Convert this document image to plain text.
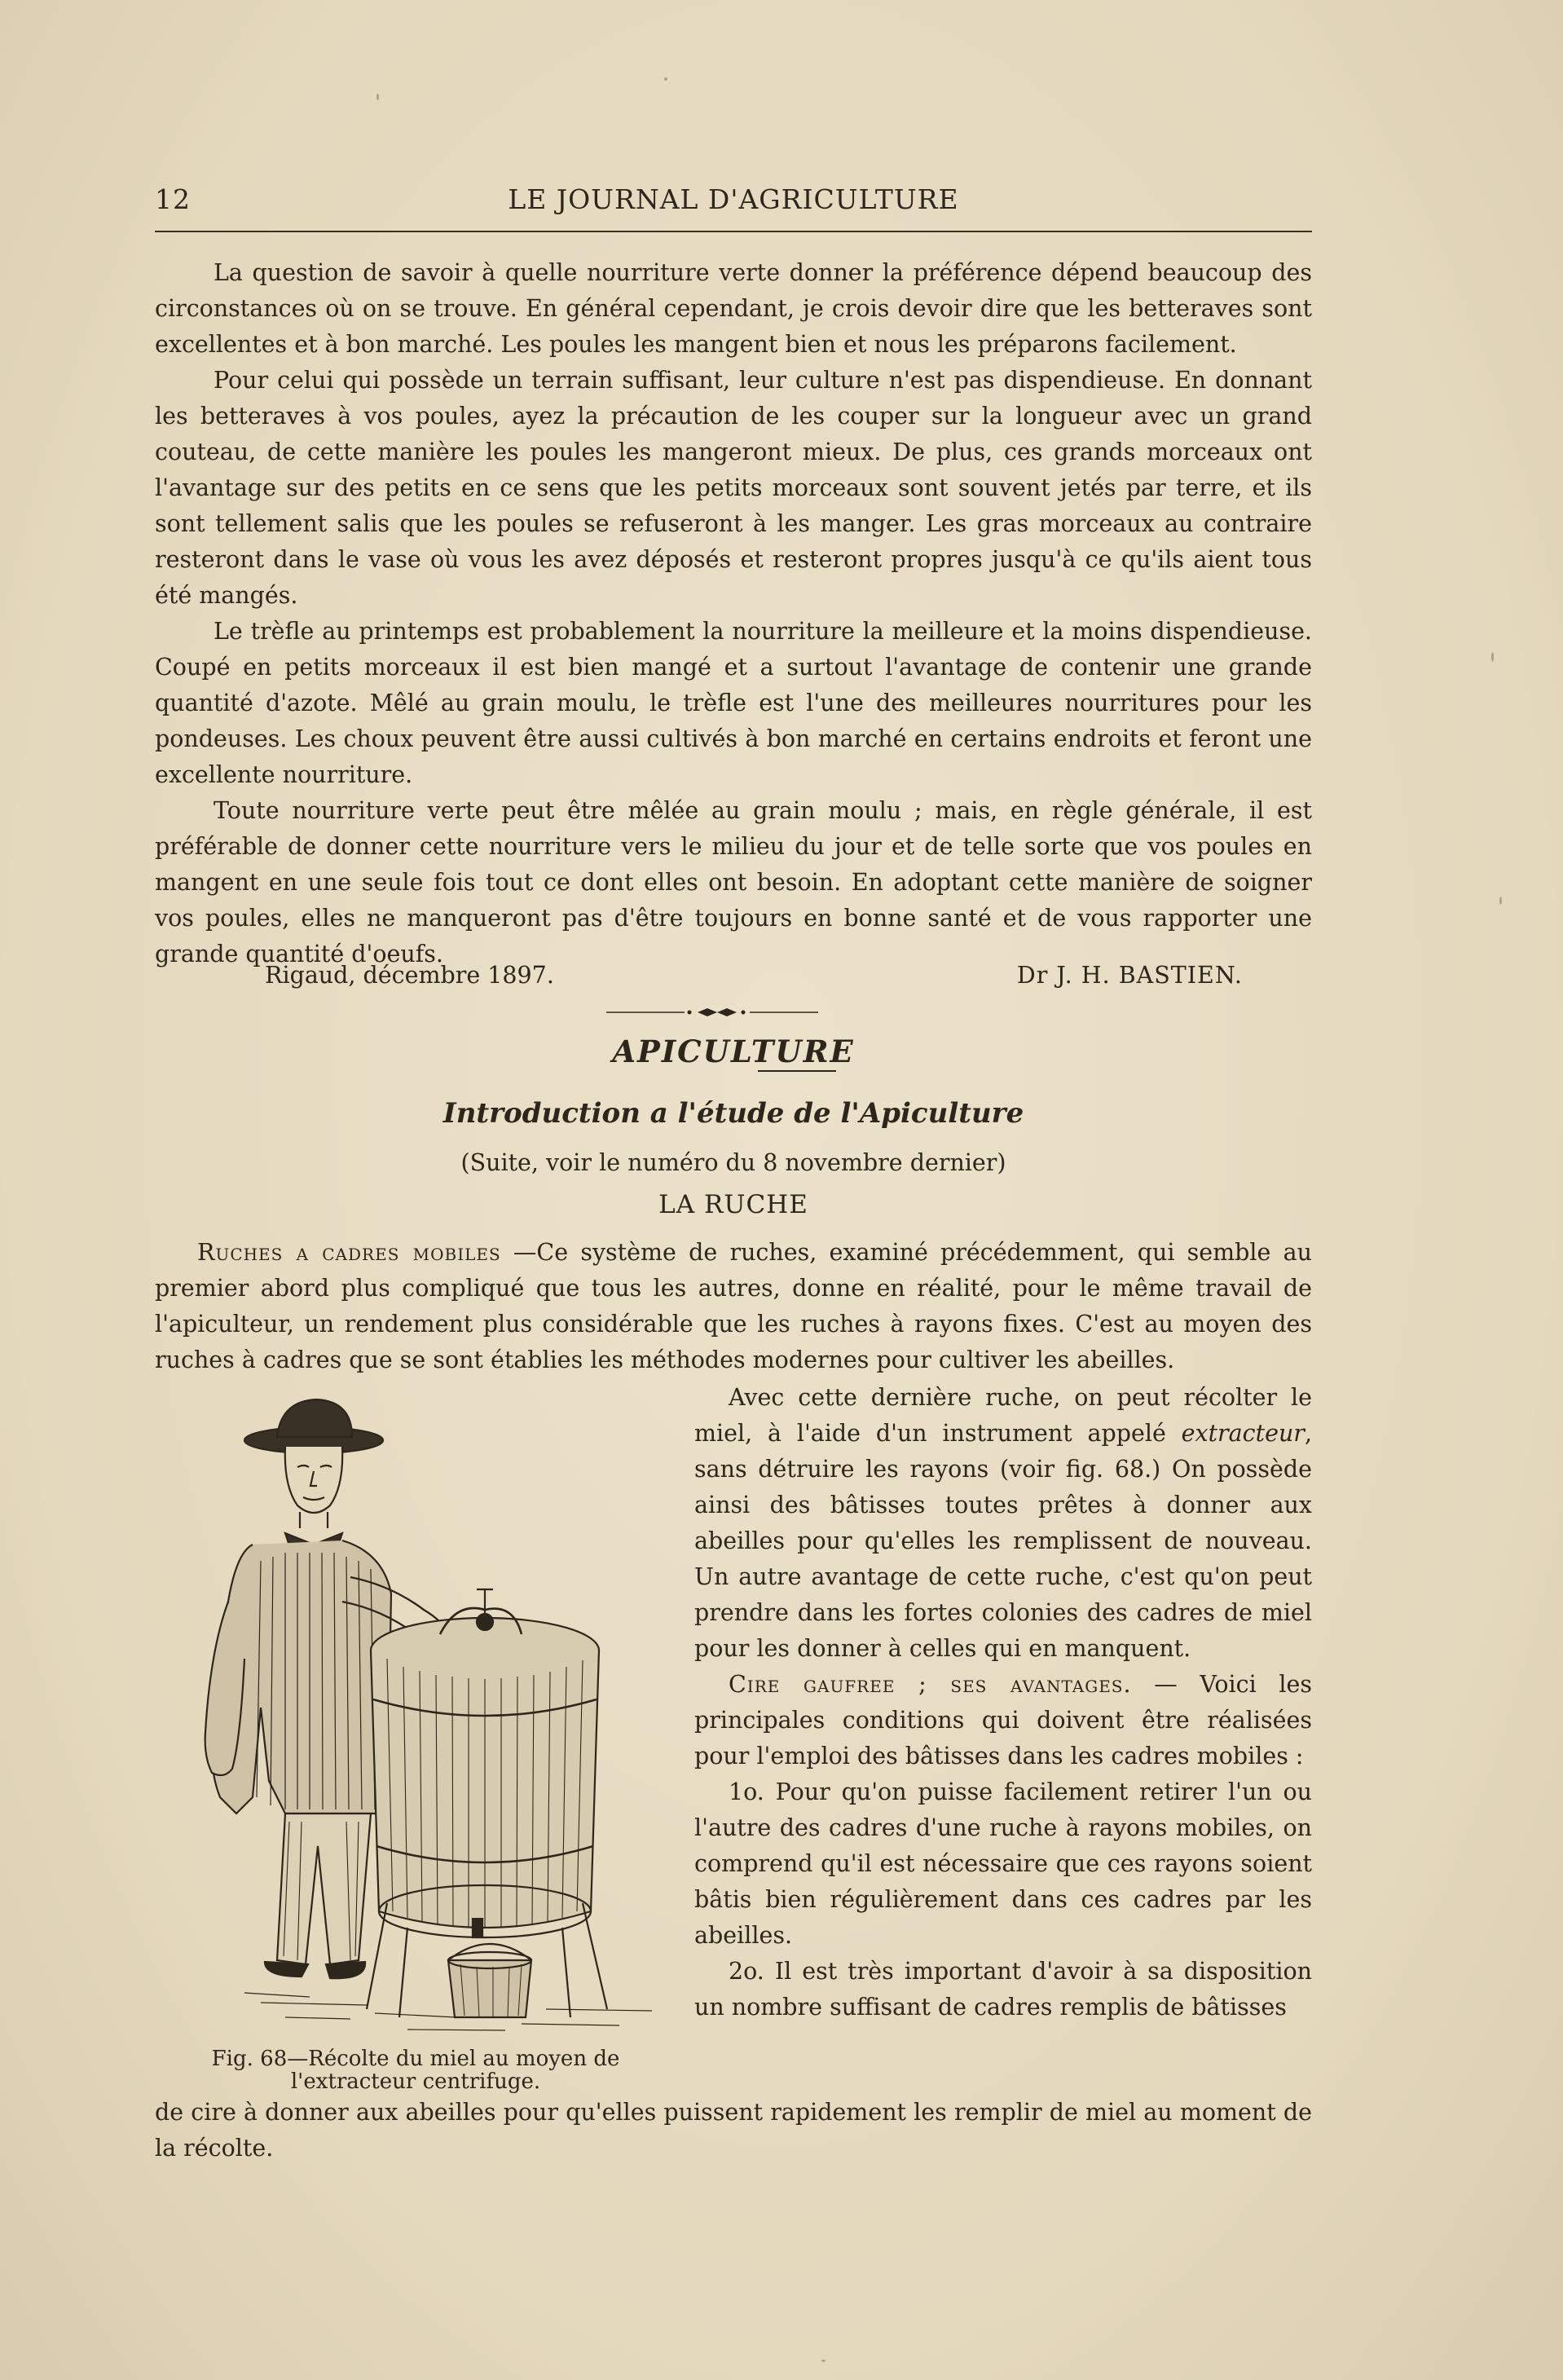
12	LE JOURNAL D'AGRICULTURE

La question de savoir à quelle nourriture verte donner la préférence dépend beaucoup des circonstances où on se trouve. En général cependant, je crois devoir dire que les betteraves sont excellentes et à bon marché. Les poules les mangent bien et nous les préparons facilement.

Pour celui qui possède un terrain suffisant, leur culture n'est pas dispendieuse. En donnant les betteraves à vos poules, ayez la précaution de les couper sur la longueur avec un grand couteau, de cette manière les poules les mangeront mieux. De plus, ces grands morceaux ont l'avantage sur des petits en ce sens que les petits morceaux sont souvent jetés par terre, et ils sont tellement salis que les poules se refuseront à les manger. Les gras morceaux au contraire resteront dans le vase où vous les avez déposés et resteront propres jusqu'à ce qu'ils aient tous été mangés.

Le trèfle au printemps est probablement la nourriture la meilleure et la moins dispendieuse. Coupé en petits morceaux il est bien mangé et a surtout l'avantage de contenir une grande quantité d'azote. Mêlé au grain moulu, le trèfle est l'une des meilleures nourritures pour les pondeuses. Les choux peuvent être aussi cultivés à bon marché en certains endroits et feront une excellente nourriture.

Toute nourriture verte peut être mêlée au grain moulu ; mais, en règle générale, il est préférable de donner cette nourriture vers le milieu du jour et de telle sorte que vos poules en mangent en une seule fois tout ce dont elles ont besoin. En adoptant cette manière de soigner vos poules, elles ne manqueront pas d'être toujours en bonne santé et de vous rapporter une grande quantité d'oeufs.

Rigaud, décembre 1897.	Dr J. H. BASTIEN.
APICULTURE
Introduction a l'étude de l'Apiculture
(Suite, voir le numéro du 8 novembre dernier)
LA RUCHE

Ruches a cadres mobiles —Ce système de ruches, examiné précédemment, qui semble au premier abord plus compliqué que tous les autres, donne en réalité, pour le même travail de l'apiculteur, un rendement plus considérable que les ruches à rayons fixes. C'est au moyen des ruches à cadres que se sont établies les méthodes modernes pour cultiver les abeilles.

Fig. 68—Récolte du miel au moyen de
l'extracteur centrifuge.

Avec cette dernière ruche, on peut récolter le miel, à l'aide d'un instrument appelé extracteur, sans détruire les rayons (voir fig. 68.) On possède ainsi des bâtisses toutes prêtes à donner aux abeilles pour qu'elles les remplissent de nouveau. Un autre avantage de cette ruche, c'est qu'on peut prendre dans les fortes colonies des cadres de miel pour les donner à celles qui en manquent.

Cire gaufree ; ses avantages. — Voici les principales conditions qui doivent être réalisées pour l'emploi des bâtisses dans les cadres mobiles :

1o. Pour qu'on puisse facilement retirer l'un ou l'autre des cadres d'une ruche à rayons mobiles, on comprend qu'il est nécessaire que ces rayons soient bâtis bien régulièrement dans ces cadres par les abeilles.

2o. Il est très important d'avoir à sa disposition un nombre suffisant de cadres remplis de bâtisses

de cire à donner aux abeilles pour qu'elles puissent rapidement les remplir de miel au moment de la récolte.
